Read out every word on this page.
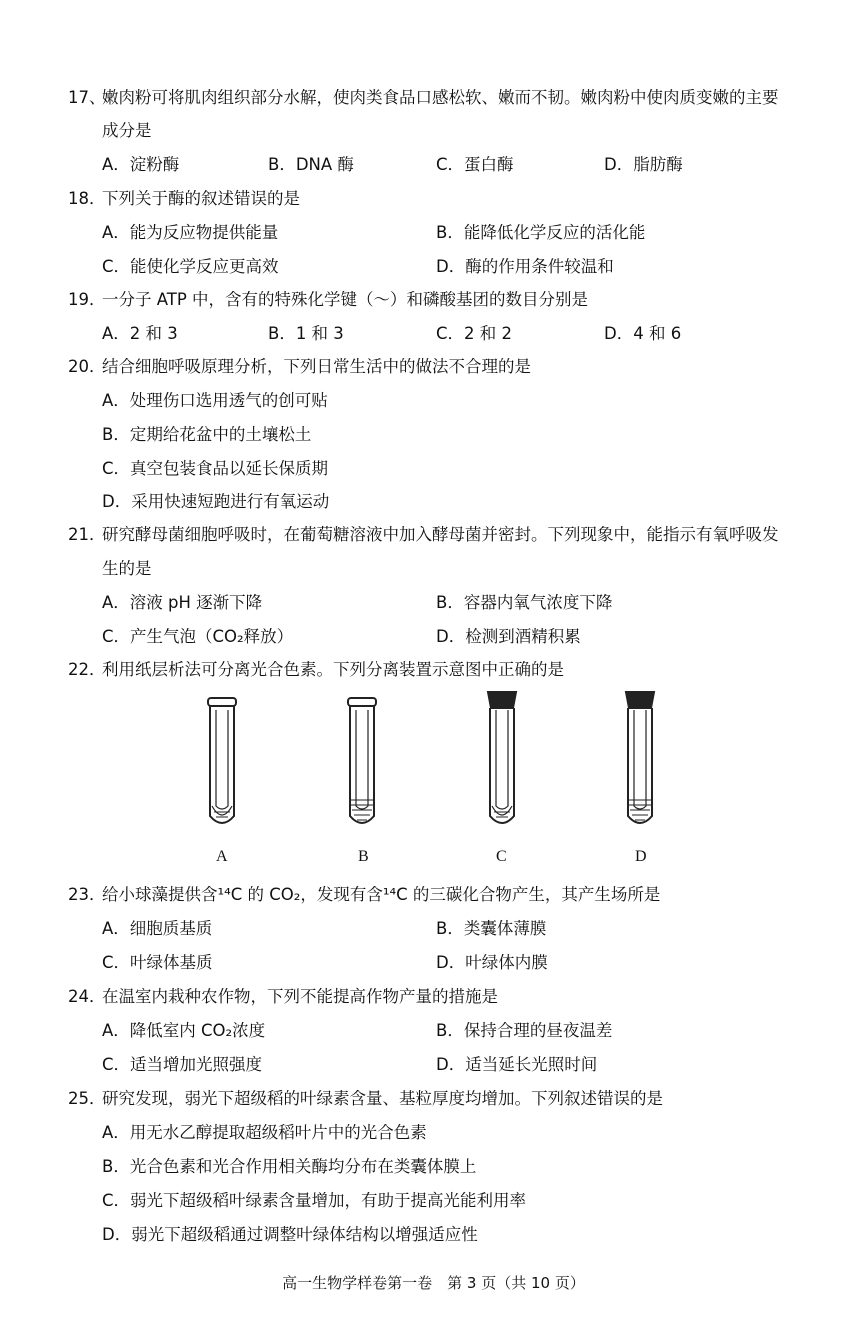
17、嫩肉粉可将肌肉组织部分水解，使肉类食品口感松软、嫩而不韧。嫩肉粉中使肉质变嫩的主要
成分是
A．淀粉酶	B．DNA 酶	C．蛋白酶	D．脂肪酶
18．下列关于酶的叙述错误的是
A．能为反应物提供能量	B．能降低化学反应的活化能
C．能使化学反应更高效	D．酶的作用条件较温和
19．一分子 ATP 中，含有的特殊化学键（～）和磷酸基团的数目分别是
A．2 和 3	B．1 和 3	C．2 和 2	D．4 和 6
20．结合细胞呼吸原理分析，下列日常生活中的做法不合理的是
A．处理伤口选用透气的创可贴
B．定期给花盆中的土壤松土
C．真空包装食品以延长保质期
D．采用快速短跑进行有氧运动
21．研究酵母菌细胞呼吸时，在葡萄糖溶液中加入酵母菌并密封。下列现象中，能指示有氧呼吸发
生的是
A．溶液 pH 逐渐下降	B．容器内氧气浓度下降
C．产生气泡（CO₂释放）	D．检测到酒精积累
22．利用纸层析法可分离光合色素。下列分离装置示意图中正确的是
A	B	C	D
23．给小球藻提供含¹⁴C 的 CO₂，发现有含¹⁴C 的三碳化合物产生，其产生场所是
A．细胞质基质	B．类囊体薄膜
C．叶绿体基质	D．叶绿体内膜
24．在温室内栽种农作物，下列不能提高作物产量的措施是
A．降低室内 CO₂浓度	B．保持合理的昼夜温差
C．适当增加光照强度	D．适当延长光照时间
25．研究发现，弱光下超级稻的叶绿素含量、基粒厚度均增加。下列叙述错误的是
A．用无水乙醇提取超级稻叶片中的光合色素
B．光合色素和光合作用相关酶均分布在类囊体膜上
C．弱光下超级稻叶绿素含量增加，有助于提高光能利用率
D．弱光下超级稻通过调整叶绿体结构以增强适应性
高一生物学样卷第一卷　第 3 页（共 10 页）
